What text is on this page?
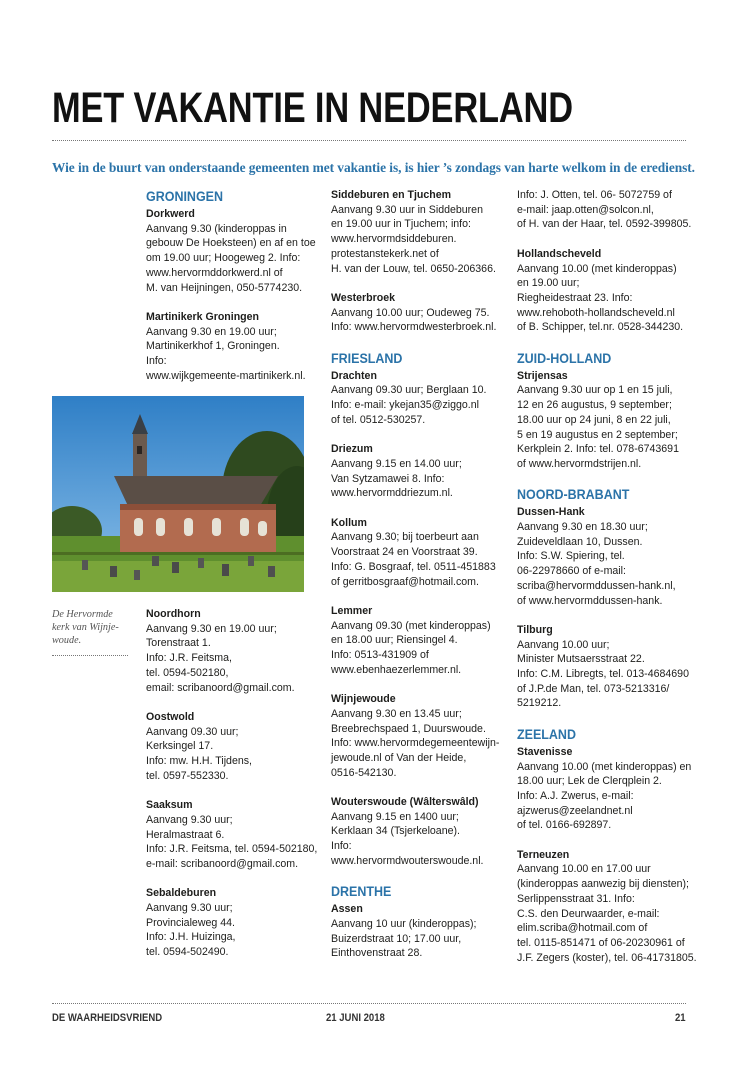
MET VAKANTIE IN NEDERLAND

Wie in de buurt van onderstaande gemeenten met vakantie is, is hier ’s zondags van harte welkom in de eredienst.

GRONINGEN
Dorkwerd
Aanvang 9.30 (kinderoppas in
gebouw De Hoeksteen) en af en toe
om 19.00 uur; Hoogeweg 2. Info:
www.hervormddorkwerd.nl of
M. van Heijningen, 050-5774230.
Martinikerk Groningen
Aanvang 9.30 en 19.00 uur;
Martinikerkhof 1, Groningen.
Info:
www.wijkgemeente-martinikerk.nl.
De Hervormde kerk van Wijnje-woude.
Noordhorn
Aanvang 9.30 en 19.00 uur;
Torenstraat 1.
Info: J.R. Feitsma,
tel. 0594-502180,
email: scribanoord@gmail.com.
Oostwold
Aanvang 09.30 uur;
Kerksingel 17.
Info: mw. H.H. Tijdens,
tel. 0597-552330.
Saaksum
Aanvang 9.30 uur;
Heralmastraat 6.
Info: J.R. Feitsma, tel. 0594-502180,
e-mail: scribanoord@gmail.com.
Sebaldeburen
Aanvang 9.30 uur;
Provincialeweg 44.
Info: J.H. Huizinga,
tel. 0594-502490.
Siddeburen en Tjuchem
Aanvang 9.30 uur in Siddeburen
en 19.00 uur in Tjuchem; info:
www.hervormdsiddeburen.
protestanstekerk.net of
H. van der Louw, tel. 0650-206366.
Westerbroek
Aanvang 10.00 uur; Oudeweg 75.
Info: www.hervormdwesterbroek.nl.
FRIESLAND
Drachten
Aanvang 09.30 uur; Berglaan 10.
Info: e-mail: ykejan35@ziggo.nl
of tel. 0512-530257.
Driezum
Aanvang 9.15 en 14.00 uur;
Van Sytzamawei 8. Info:
www.hervormddriezum.nl.
Kollum
Aanvang 9.30; bij toerbeurt aan
Voorstraat 24 en Voorstraat 39.
Info: G. Bosgraaf, tel. 0511-451883
of gerritbosgraaf@hotmail.com.
Lemmer
Aanvang 09.30 (met kinderoppas)
en 18.00 uur; Riensingel 4.
Info: 0513-431909 of
www.ebenhaezerlemmer.nl.
Wijnjewoude
Aanvang 9.30 en 13.45 uur;
Breebrechspaed 1, Duurswoude.
Info: www.hervormdegemeentewijn-
jewoude.nl of Van der Heide,
0516-542130.
Wouterswoude (Wâlterswâld)
Aanvang 9.15 en 1400 uur;
Kerklaan 34 (Tsjerkeloane).
Info:
www.hervormdwouterswoude.nl.
DRENTHE
Assen
Aanvang 10 uur (kinderoppas);
Buizerdstraat 10; 17.00 uur,
Einthovenstraat 28.
Info: J. Otten, tel. 06- 5072759 of
e-mail: jaap.otten@solcon.nl,
of H. van der Haar, tel. 0592-399805.
Hollandscheveld
Aanvang 10.00 (met kinderoppas)
en 19.00 uur;
Riegheidestraat 23. Info:
www.rehoboth-hollandscheveld.nl
of B. Schipper, tel.nr. 0528-344230.
ZUID-HOLLAND
Strijensas
Aanvang 9.30 uur op 1 en 15 juli,
12 en 26 augustus, 9 september;
18.00 uur op 24 juni, 8 en 22 juli,
5 en 19 augustus en 2 september;
Kerkplein 2. Info: tel. 078-6743691
of www.hervormdstrijen.nl.
NOORD-BRABANT
Dussen-Hank
Aanvang 9.30 en 18.30 uur;
Zuideveldlaan 10, Dussen.
Info: S.W. Spiering, tel.
06-22978660 of e-mail:
scriba@hervormddussen-hank.nl,
of www.hervormddussen-hank.
Tilburg
Aanvang 10.00 uur;
Minister Mutsaersstraat 22.
Info: C.M. Libregts, tel. 013-4684690
of J.P.de Man, tel. 073-5213316/
5219212.
ZEELAND
Stavenisse
Aanvang 10.00 (met kinderoppas) en
18.00 uur; Lek de Clerqplein 2.
Info: A.J. Zwerus, e-mail:
ajzwerus@zeelandnet.nl
of tel. 0166-692897.
Terneuzen
Aanvang 10.00 en 17.00 uur
(kinderoppas aanwezig bij diensten);
Serlippensstraat 31. Info:
C.S. den Deurwaarder, e-mail:
elim.scriba@hotmail.com of
tel. 0115-851471 of 06-20230961 of
J.F. Zegers (koster), tel. 06-41731805.
DE WAARHEIDSVRIEND	21 JUNI 2018	21
